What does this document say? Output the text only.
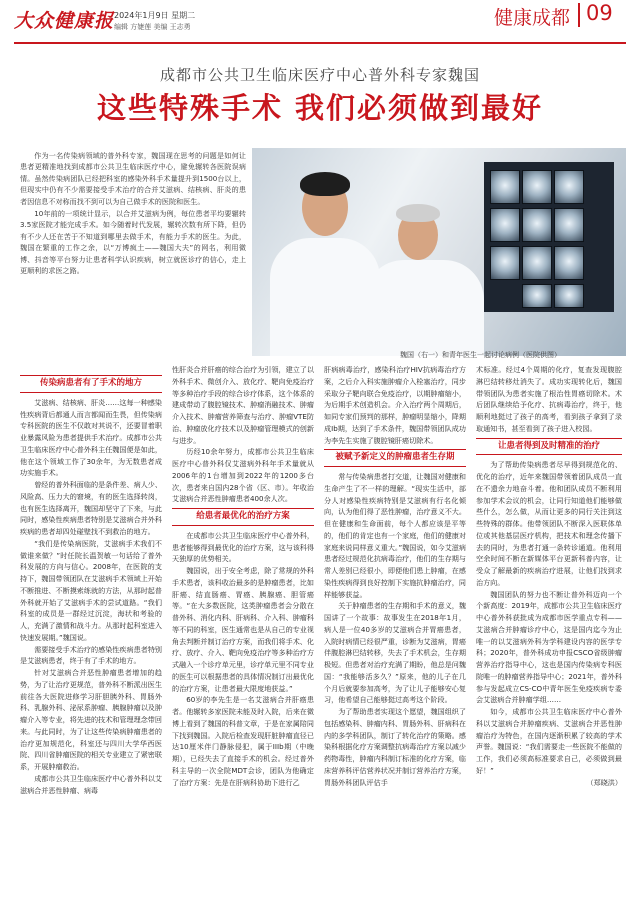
大众健康报 2024年1月9日 星期二
编辑 方婕莲 美编 王志勇	健康成都 09
成都市公共卫生临床医疗中心普外科专家魏国
这些特殊手术 我们必须做到最好

作为一名传染病领域的普外科专家，魏国现在思考的问题是如何让患者更精准地找到成都市公共卫生临床医疗中心，避免辗转各医院误病情。虽然传染病团队已经把科室的感染外科手术量提升到1500台以上，但现实中仍有不少需要接受手术治疗的合并艾滋病、结核病、肝炎的患者因信息不对称而找不到可以为自己做手术的医院和医生。

10年前的一项统计显示，以合并艾滋病为例，每位患者平均要辗转3.5家医院才能完成手术。如今随着时代发展，辗转次数有所下降，但仍有不少人还在苦于不知道到哪里去做手术，有能力手术的医生。为此，魏国在繁重的工作之余，以“万博疯土——魏国大夫”的网名，利用微博、抖音等平台努力让患者科学认识疾病，树立就医诊疗的信心，走上更顺利的求医之路。

魏国（右一）和青年医生一起讨论病例（医院供图）
传染病患者有了手术的地方

艾滋病、结核病、肝炎……这每一种感染性疾病背后都通人而言都闻而生畏，但传染病专科医院的医生不仅敢对其说不，还要冒着职业暴露风险为患者提供手术治疗。成都市公共卫生临床医疗中心普外科主任魏国便是如此，他在这个领域工作了30余年，为无数患者成功实施手术。

曾经的普外科面临的是条件差、病人少、风险高、压力大的窘境，有的医生选择转岗，也有医生选择离开，魏国却坚守了下来，与此同时，感染性疾病患者特别是艾滋病合并外科疾病的患者却四处碰壁找不到救治的地方。

“我们是传染病医院，艾滋病手术我们不做谁来做？”时任院长温贺敏一句话给了普外科发展的方向与信心。2008年，在医院的支持下，魏国带领团队在艾滋病手术领域上开始不断推进、不断摸索练就的方法，从那时起普外科就开始了艾滋病手术的尝试道路。“我们科室的成员是一群经过沉淀，海状和考验的人，充满了激情和战斗力。从那时起科室进入快速发展期。”魏国说。

需要接受手术治疗的感染性疾病患者特别是艾滋病患者，终于有了手术的地方。

针对艾滋病合并恶性肿瘤患者增加的趋势，为了让治疗更规范，普外科不断派出医生前往各大医院进修学习肝胆胰外科、胃肠外科、乳腺外科、泌尿系肿瘤、胰腺肿瘤以及肿瘤介入等专业，将先进的技术和管理理念带回来。与此同时，为了让这些传染病肿瘤患者的治疗更加规范化，科室还与四川大学华西医院、四川省肿瘤医院的相关专业建立了紧密联系，开展肿瘤救治。

成都市公共卫生临床医疗中心普外科以艾滋病合并恶性肿瘤、病毒

性肝炎合并肝癌的综合治疗为引领，建立了以外科手术、微创介入、放化疗、靶向免疫治疗等多种治疗手段的综合诊疗体系，这个体系的建成带动了腹腔镜技术、肿瘤消融技术、肿瘤介入技术、肿瘤营养筛查与治疗、肿瘤VTE防治、肿瘤放化疗技术以及肿瘤管理模式的创新与进步。

历经10余年努力，成都市公共卫生临床医疗中心普外科仅艾滋病外科年手术量就从2006年的1台增加到2022年的1200多台次，患者来自国内28个省（区、市）。年收治艾滋病合并恶性肿瘤患者400余人次。

给患者最优化的治疗方案

在成都市公共卫生临床医疗中心普外科，患者能够得到最优化的治疗方案，这与该科得天独厚的优势相关。

魏国说，出于安全考虑，除了常规的外科手术患者，该科收治最多的是肿瘤患者，比如肝癌、结直肠癌、胃癌、胰腺癌、胆管癌等。“在大多数医院，这类肿瘤患者会分散在普外科、消化内科、肝病科、介入科、肿瘤科等不同的科室，医生通常也是从自己的专业视角去判断并制订治疗方案，而我们将手术、化疗、放疗、介入、靶向免疫治疗等多种治疗方式融入一个诊疗单元里，诊疗单元里不同专业的医生可以根据患者的具体情况制订出最优化的治疗方案，让患者最大限度地获益。”

60岁的李先生是一名艾滋病合并肝癌患者。他辗转多家医院未能及时入院，后来在微博上看到了魏国的科普文章，于是在家属陪同下找到魏国。入院后检查发现肝脏肿瘤直径已达10厘米伴门静脉侵犯，属于IIIb期（中晚期），已经失去了直接手术的机会。经过普外科主导的一次全院MDT会诊，团队为他确定了治疗方案：先是在肝病科协助下进行乙

肝病病毒治疗，感染科治疗HIV抗病毒治疗方案，之后介入科实施肿瘤介入栓塞治疗，同步采取分子靶向联合免疫治疗，以期肿瘤缩小，为后期手术创造机会。介入治疗两个周期后，如同专家们预判的那样，肿瘤明显缩小，降期成Ⅰb期，达到了手术条件，魏国带领团队成功为李先生实施了腹腔镜肝癌切除术。

被赋予新定义的肿瘤患者生存期

常与传染病患者打交道，让魏国对健康和生命产生了不一样的理解。“现实生活中，部分人对感染性疾病特别是艾滋病有行名化倾向，认为他们得了恶性肿瘤，治疗意义不大。但在健康和生命面前，每个人都应该是平等的，他们的肯定也有一个家庭，他们的健康对家庭来说同样意义重大。”魏国说，如今艾滋病患者经过规范化抗病毒治疗，他们的生存期与常人差别已经很小，即便他们患上肿瘤，在感染性疾病得到良好控制下实施抗肿瘤治疗，同样能够获益。

关于肿瘤患者的生存期和手术的意义，魏国讲了一个故事：故事发生在2018年1月，病人是一位40多岁的艾滋病合并胃癌患者，入院时病情已经很严重，诊断为艾滋病，胃癌伴腹腔淋巴结转移，失去了手术机会，生存期极短。但患者对治疗充满了期盼，他总是问魏国：“我能够活多久？”原来，他的儿子在几个月后就要参加高考，为了让儿子能够安心复习，他希望自己能够挺过高考这个阶段。

为了帮助患者实现这个愿望，魏国组织了包括感染科、肿瘤内科、胃肠外科、肝病科在内的多学科团队，制订了转化治疗的策略。感染科根据化疗方案调整抗病毒治疗方案以减少药物毒性，肿瘤内科制订标准的化疗方案，临床营养科评估营养状况并制订营养治疗方案，胃肠外科团队评估手

术标准。经过4个周期的化疗，复查发现腹腔淋巴结转移灶消失了。成功实现转化后，魏国带领团队为患者实施了根治性胃癌切除术。术后团队继续给予化疗、抗病毒治疗，终于，他顺利地挺过了孩子的高考，看到孩子拿到了录取通知书，甚至看到了孩子进入校园。

让患者得到及时精准的治疗

为了帮助传染病患者尽早得到规范化的、优化的治疗，近年来魏国带领着团队成员一直在不遗余力地奋斗着。他和团队成员不断利用参加学术会议的机会，让同行知道他们能够做些什么，怎么做，从而让更多的同行关注到这些特殊的群体。他带领团队不断深入医联体单位或其他基层医疗机构，把技术和理念传播下去的同时，为患者打通一条转诊通道。他利用空余时间不断在新媒体平台更新科普内容，让受众了解最新的疾病治疗进展，让他们找到求治方向。

魏国团队的努力也不断让普外科迈向一个个新高度：2019年，成都市公共卫生临床医疗中心普外科获批成为成都市医学重点专科——艾滋病合并肿瘤诊疗中心，这是国内迄今为止唯一的以艾滋病外科为学科建设内容的医学专科；2020年，普外科成功申报CSCO省级肿瘤营养治疗指导中心，这也是国内传染病专科医院唯一的肿瘤营养指导中心；2021年，普外科参与发起成立CS-CO中青年医生免疫疾病专委会艾滋病合并肿瘤学组……

如今，成都市公共卫生临床医疗中心普外科以艾滋病合并肿瘤疾病、艾滋病合并恶性肿瘤治疗为特色，在国内逐渐积累了较高的学术声誉。魏国说：“我们需要走一些医院不能做的工作，我们必须高标准要求自己，必须做到最好！”

（郑晓洪）
